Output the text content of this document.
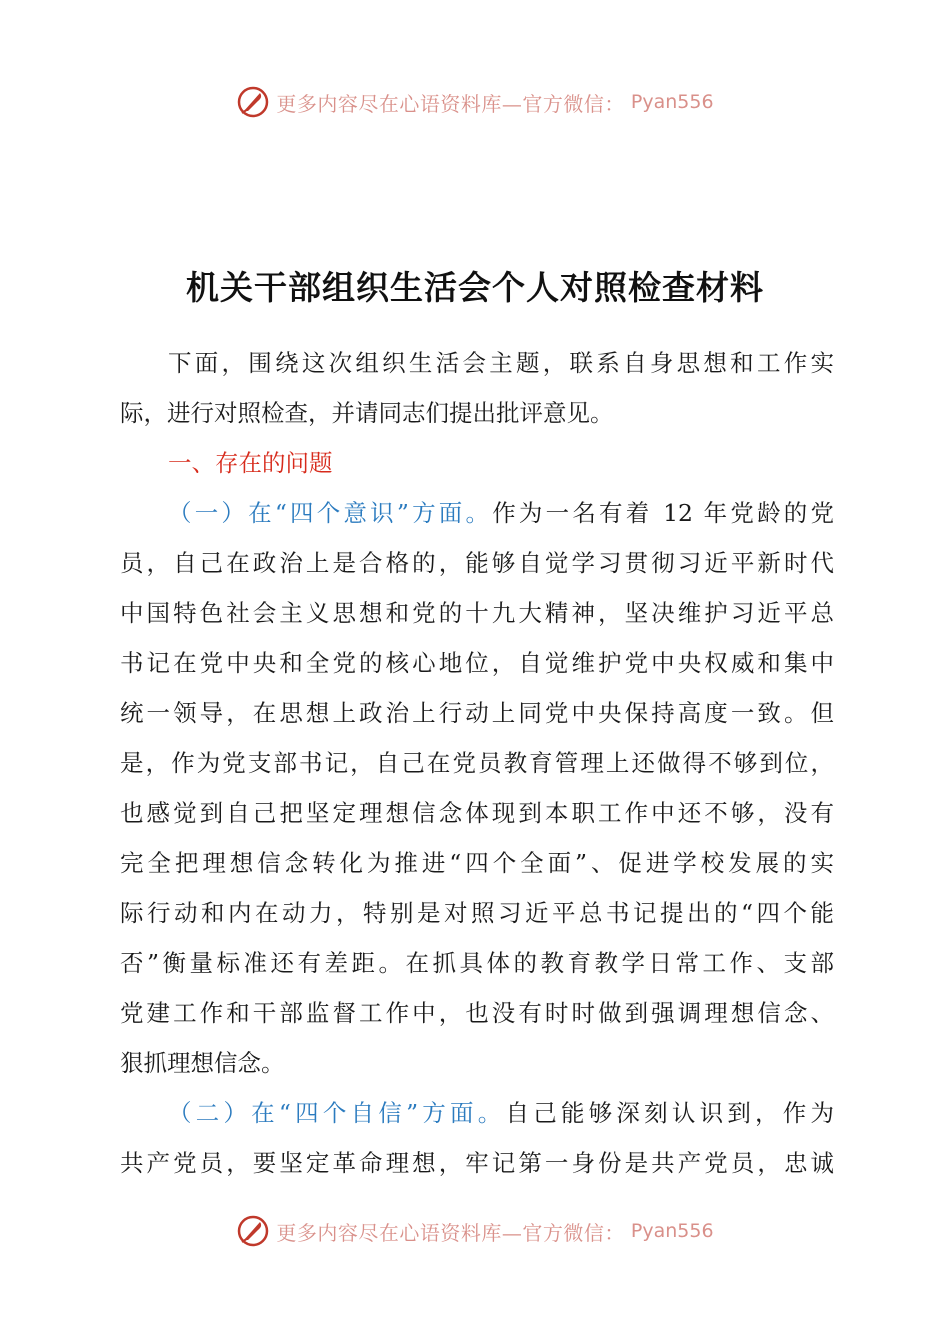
更多内容尽在心语资料库—官方微信： Pyan556
机关干部组织生活会个人对照检查材料
下面，围绕这次组织生活会主题，联系自身思想和工作实
际，进行对照检查，并请同志们提出批评意见。
一、存在的问题
（一）在“四个意识”方面。作为一名有着 12 年党龄的党
员，自己在政治上是合格的，能够自觉学习贯彻习近平新时代
中国特色社会主义思想和党的十九大精神，坚决维护习近平总
书记在党中央和全党的核心地位，自觉维护党中央权威和集中
统一领导，在思想上政治上行动上同党中央保持高度一致。但
是，作为党支部书记，自己在党员教育管理上还做得不够到位，
也感觉到自己把坚定理想信念体现到本职工作中还不够，没有
完全把理想信念转化为推进“四个全面”、促进学校发展的实
际行动和内在动力，特别是对照习近平总书记提出的“四个能
否”衡量标准还有差距。在抓具体的教育教学日常工作、支部
党建工作和干部监督工作中，也没有时时做到强调理想信念、
狠抓理想信念。
（二）在“四个自信”方面。自己能够深刻认识到，作为
共产党员，要坚定革命理想，牢记第一身份是共产党员，忠诚
更多内容尽在心语资料库—官方微信： Pyan556
